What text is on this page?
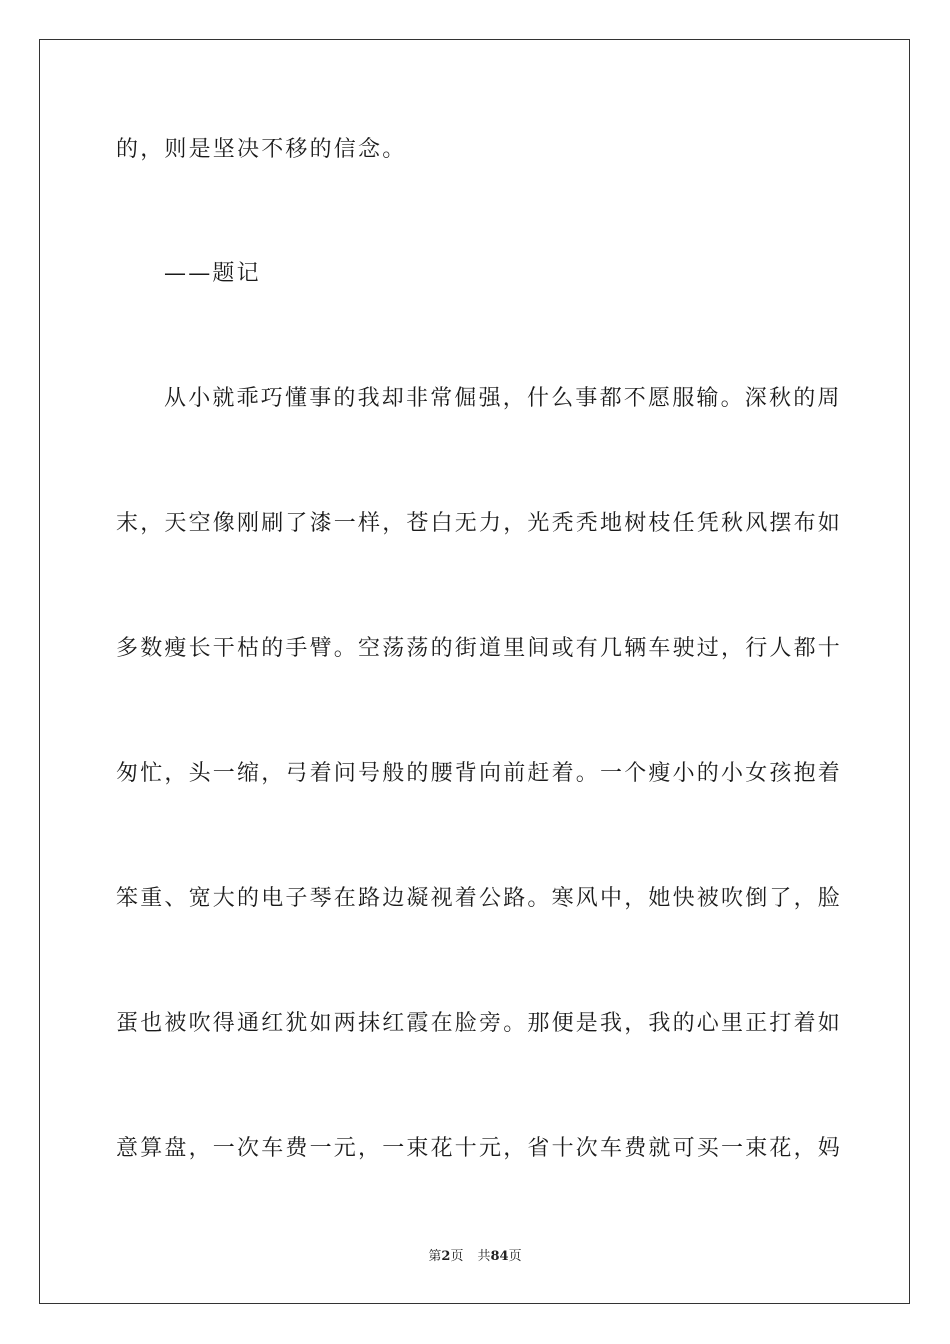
的，则是坚决不移的信念。
——题记
从小就乖巧懂事的我却非常倔强，什么事都不愿服输。深秋的周
末，天空像刚刷了漆一样，苍白无力，光秃秃地树枝任凭秋风摆布如
多数瘦长干枯的手臂。空荡荡的街道里间或有几辆车驶过，行人都十
匆忙，头一缩，弓着问号般的腰背向前赶着。一个瘦小的小女孩抱着
笨重、宽大的电子琴在路边凝视着公路。寒风中，她快被吹倒了，脸
蛋也被吹得通红犹如两抹红霞在脸旁。那便是我，我的心里正打着如
意算盘，一次车费一元，一束花十元，省十次车费就可买一束花，妈
第2页 共84页
